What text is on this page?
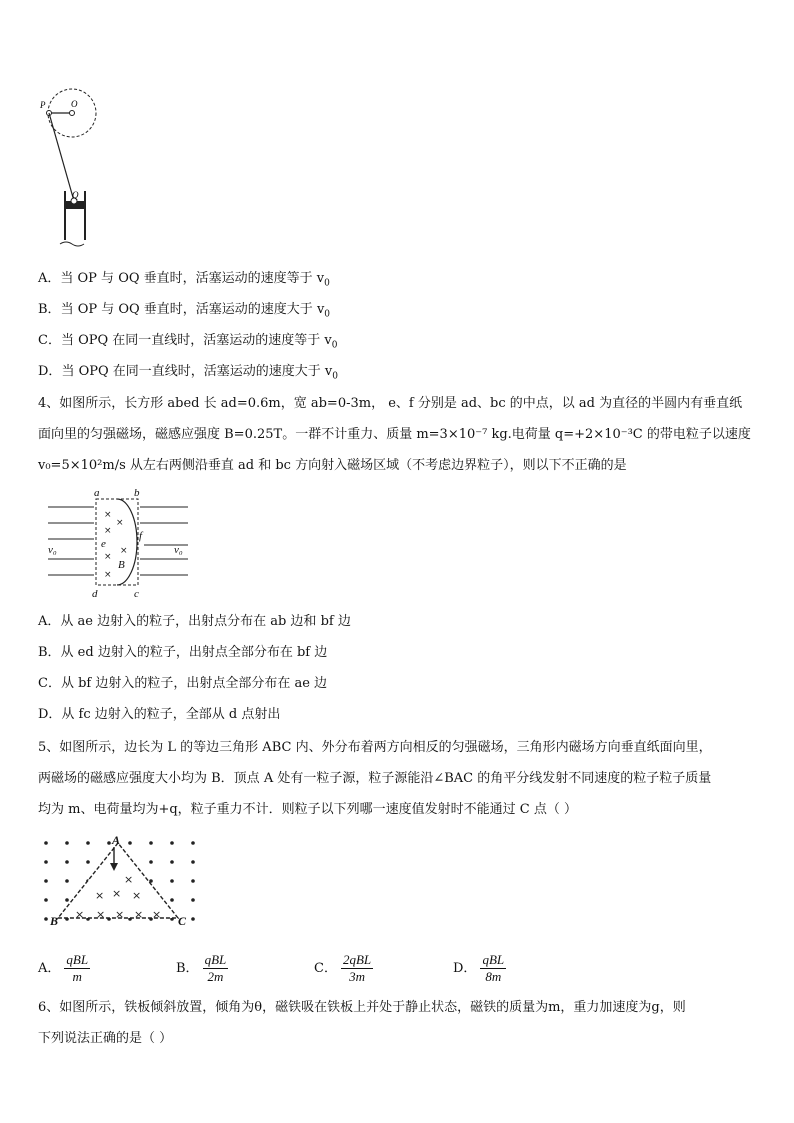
P	O
Q
A．当 OP 与 OQ 垂直时，活塞运动的速度等于 $v_0$
B．当 OP 与 OQ 垂直时，活塞运动的速度大于 $v_0$
C．当 OPQ 在同一直线时，活塞运动的速度等于 $v_0$
D．当 OPQ 在同一直线时，活塞运动的速度大于 $v_0$
4、如图所示，长方形 abed 长 ad=0.6m，宽 ab=0-3m， e、f 分别是 ad、bc 的中点，以 ad 为直径的半圆内有垂直纸
面向里的匀强磁场，磁感应强度 B=0.25T。一群不计重力、质量 m=3×10⁻⁷ kg.电荷量 q=+2×10⁻³C 的带电粒子以速度
v₀=5×10²m/s 从左右两侧沿垂直 ad 和 bc 方向射入磁场区域（不考虑边界粒子），则以下不正确的是
×
×
×
×
×
×
a	b
d	c
e
f
B
v₀	v₀
A．从 ae 边射入的粒子，出射点分布在 ab 边和 bf 边
B．从 ed 边射入的粒子，出射点全部分布在 bf 边
C．从 bf 边射入的粒子，出射点全部分布在 ae 边
D．从 fc 边射入的粒子，全部从 d 点射出
5、如图所示，边长为 L 的等边三角形 ABC 内、外分布着两方向相反的匀强磁场，三角形内磁场方向垂直纸面向里，
两磁场的磁感应强度大小均为 B．顶点 A 处有一粒子源，粒子源能沿∠BAC 的角平分线发射不同速度的粒子粒子质量
均为 m、电荷量均为+q，粒子重力不计．则粒子以下列哪一速度值发射时不能通过 C 点（ ）
×
× × ×
× × × × ×
A
B	C
A． $\frac{\text{qBL}}{m}$	B． $\frac{\text{qBL}}{2m}$	C． $\frac{\text{2qBL}}{3m}$	D． $\frac{\text{qBL}}{8m}$
6、如图所示，铁板倾斜放置，倾角为θ，磁铁吸在铁板上并处于静止状态，磁铁的质量为m，重力加速度为g，则
下列说法正确的是（ ）
